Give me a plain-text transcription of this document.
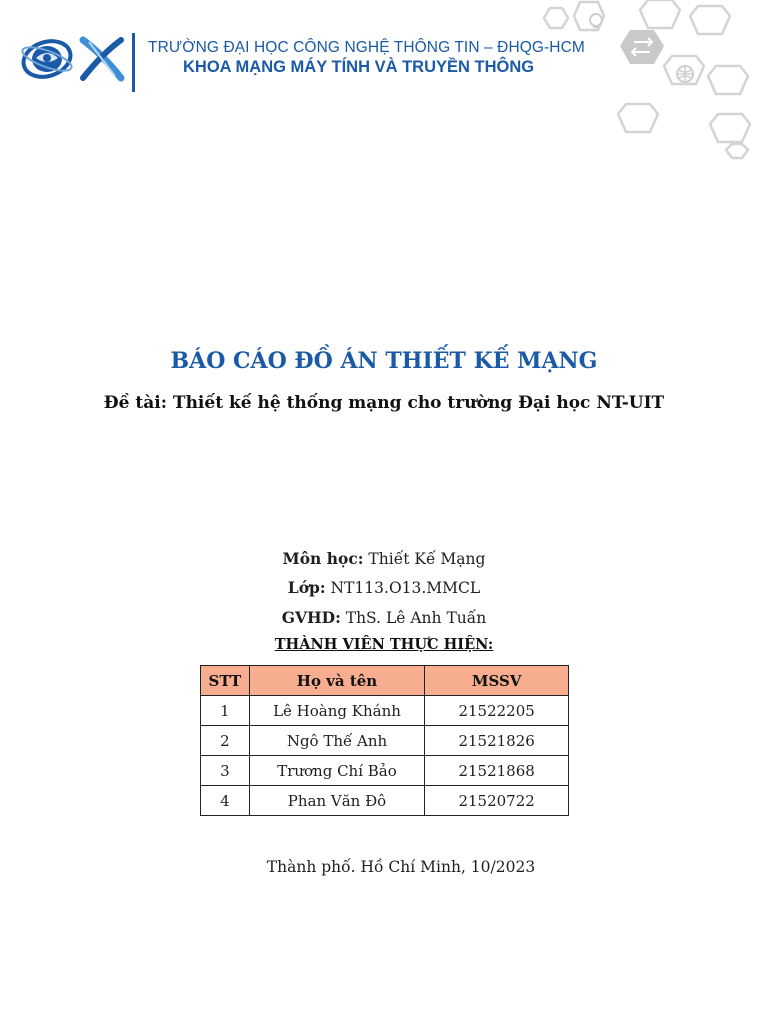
TRƯỜNG ĐẠI HỌC CÔNG NGHỆ THÔNG TIN – ĐHQG-HCM
KHOA MẠNG MÁY TÍNH VÀ TRUYỀN THÔNG
BÁO CÁO ĐỒ ÁN THIẾT KẾ MẠNG
Đề tài: Thiết kế hệ thống mạng cho trường Đại học NT-UIT
Môn học: Thiết Kế Mạng
Lớp: NT113.O13.MMCL
GVHD: ThS. Lê Anh Tuấn
THÀNH VIÊN THỰC HIỆN:
STT	Họ và tên	MSSV
1	Lê Hoàng Khánh	21522205
2	Ngô Thế Anh	21521826
3	Trương Chí Bảo	21521868
4	Phan Văn Đô	21520722
Thành phố. Hồ Chí Minh, 10/2023
